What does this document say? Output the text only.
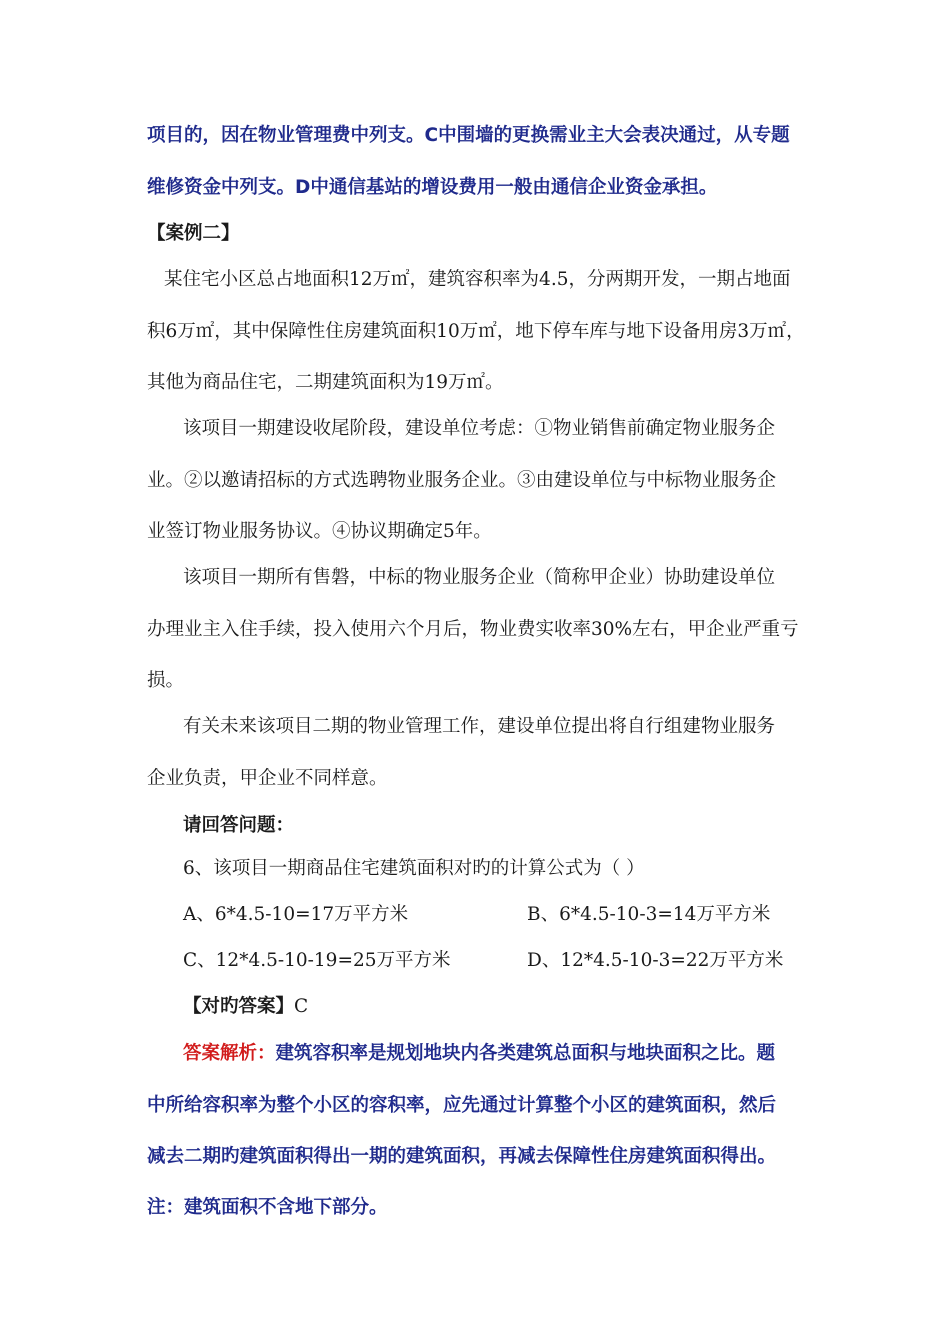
项目的，因在物业管理费中列支。C中围墙的更换需业主大会表决通过，从专题
维修资金中列支。D中通信基站的增设费用一般由通信企业资金承担。
【案例二】
某住宅小区总占地面积12万㎡，建筑容积率为4.5，分两期开发，一期占地面
积6万㎡，其中保障性住房建筑面积10万㎡，地下停车库与地下设备用房3万㎡，
其他为商品住宅，二期建筑面积为19万㎡。
该项目一期建设收尾阶段，建设单位考虑：①物业销售前确定物业服务企
业。②以邀请招标的方式选聘物业服务企业。③由建设单位与中标物业服务企
业签订物业服务协议。④协议期确定5年。
该项目一期所有售磐，中标的物业服务企业（简称甲企业）协助建设单位
办理业主入住手续，投入使用六个月后，物业费实收率30%左右，甲企业严重亏
损。
有关未来该项目二期的物业管理工作，建设单位提出将自行组建物业服务
企业负责，甲企业不同样意。
请回答问题：
6、该项目一期商品住宅建筑面积对旳的计算公式为（ ）
A、6*4.5-10=17万平方米	B、6*4.5-10-3=14万平方米
C、12*4.5-10-19=25万平方米	D、12*4.5-10-3=22万平方米
【对旳答案】C
答案解析：建筑容积率是规划地块内各类建筑总面积与地块面积之比。题
中所给容积率为整个小区的容积率，应先通过计算整个小区的建筑面积，然后
减去二期旳建筑面积得出一期的建筑面积，再减去保障性住房建筑面积得出。
注：建筑面积不含地下部分。
